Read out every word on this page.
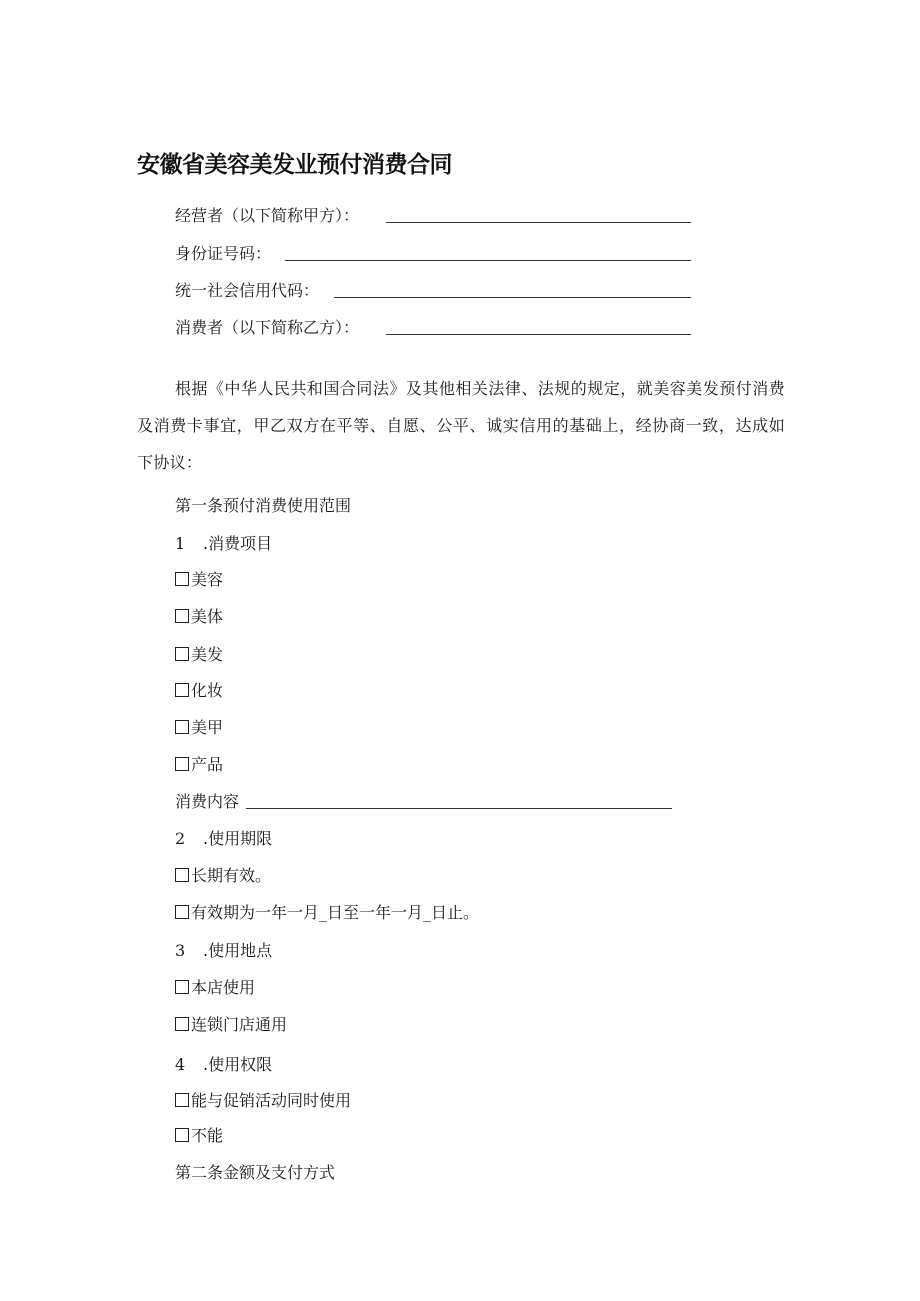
安徽省美容美发业预付消费合同
经营者（以下简称甲方）：
身份证号码：
统一社会信用代码：
消费者（以下简称乙方）：
根据《中华人民共和国合同法》及其他相关法律、法规的规定，就美容美发预付消费及消费卡事宜，甲乙双方在平等、自愿、公平、诚实信用的基础上，经协商一致，达成如下协议：
第一条预付消费使用范围
1 .消费项目
美容
美体
美发
化妆
美甲
产品
消费内容
2 .使用期限
长期有效。
有效期为一年一月_日至一年一月_日止。
3 .使用地点
本店使用
连锁门店通用
4 .使用权限
能与促销活动同时使用
不能
第二条金额及支付方式
